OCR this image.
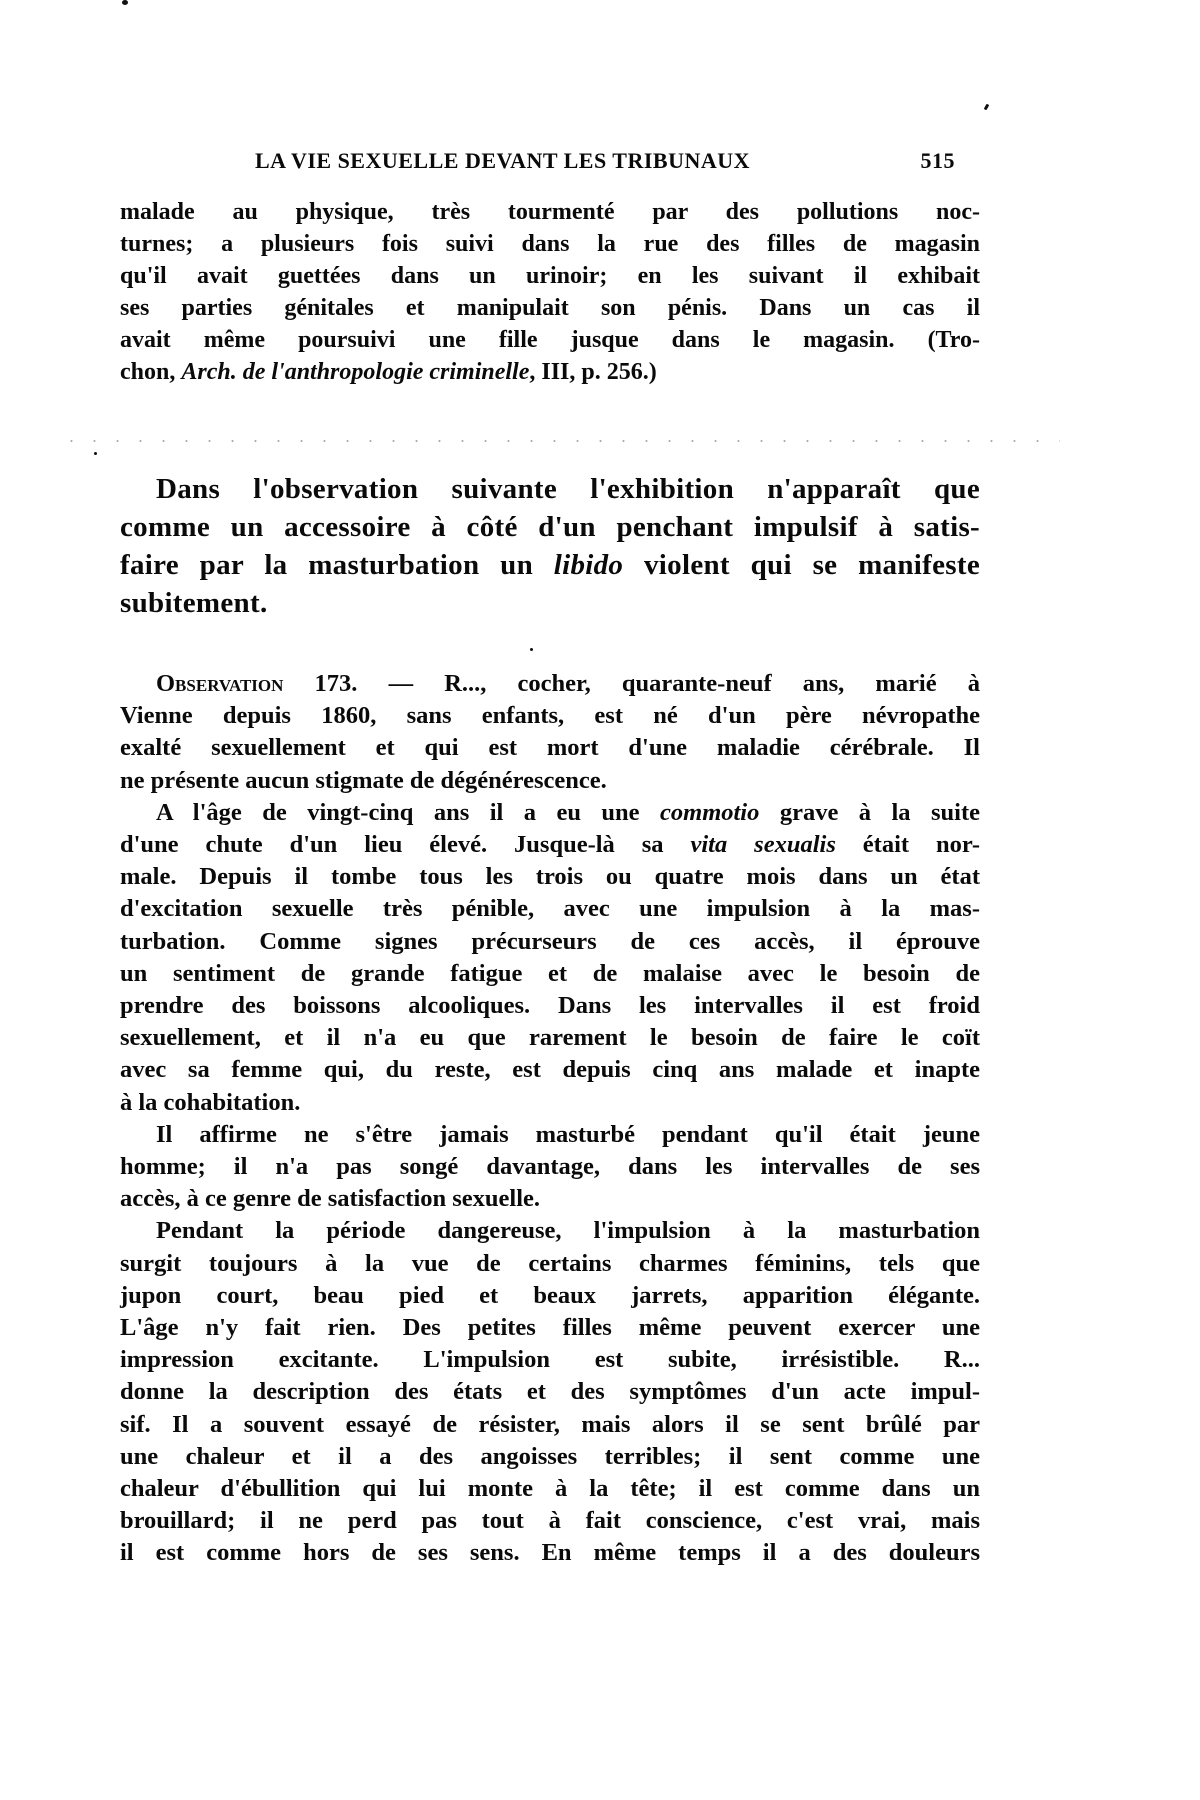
LA VIE SEXUELLE DEVANT LES TRIBUNAUX	515
malade au physique, très tourmenté par des pollutions noc-
turnes; a plusieurs fois suivi dans la rue des filles de magasin
qu'il avait guettées dans un urinoir; en les suivant il exhibait
ses parties génitales et manipulait son pénis. Dans un cas il
avait même poursuivi une fille jusque dans le magasin. (Tro-
chon, Arch. de l'anthropologie criminelle, III, p. 256.)
Dans l'observation suivante l'exhibition n'apparaît que
comme un accessoire à côté d'un penchant impulsif à satis-
faire par la masturbation un libido violent qui se manifeste
subitement.
Observation 173. — R..., cocher, quarante-neuf ans, marié à
Vienne depuis 1860, sans enfants, est né d'un père névropathe
exalté sexuellement et qui est mort d'une maladie cérébrale. Il
ne présente aucun stigmate de dégénérescence.
A l'âge de vingt-cinq ans il a eu une commotio grave à la suite
d'une chute d'un lieu élevé. Jusque-là sa vita sexualis était nor-
male. Depuis il tombe tous les trois ou quatre mois dans un état
d'excitation sexuelle très pénible, avec une impulsion à la mas-
turbation. Comme signes précurseurs de ces accès, il éprouve
un sentiment de grande fatigue et de malaise avec le besoin de
prendre des boissons alcooliques. Dans les intervalles il est froid
sexuellement, et il n'a eu que rarement le besoin de faire le coït
avec sa femme qui, du reste, est depuis cinq ans malade et inapte
à la cohabitation.
Il affirme ne s'être jamais masturbé pendant qu'il était jeune
homme; il n'a pas songé davantage, dans les intervalles de ses
accès, à ce genre de satisfaction sexuelle.
Pendant la période dangereuse, l'impulsion à la masturbation
surgit toujours à la vue de certains charmes féminins, tels que
jupon court, beau pied et beaux jarrets, apparition élégante.
L'âge n'y fait rien. Des petites filles même peuvent exercer une
impression excitante. L'impulsion est subite, irrésistible. R...
donne la description des états et des symptômes d'un acte impul-
sif. Il a souvent essayé de résister, mais alors il se sent brûlé par
une chaleur et il a des angoisses terribles; il sent comme une
chaleur d'ébullition qui lui monte à la tête; il est comme dans un
brouillard; il ne perd pas tout à fait conscience, c'est vrai, mais
il est comme hors de ses sens. En même temps il a des douleurs
